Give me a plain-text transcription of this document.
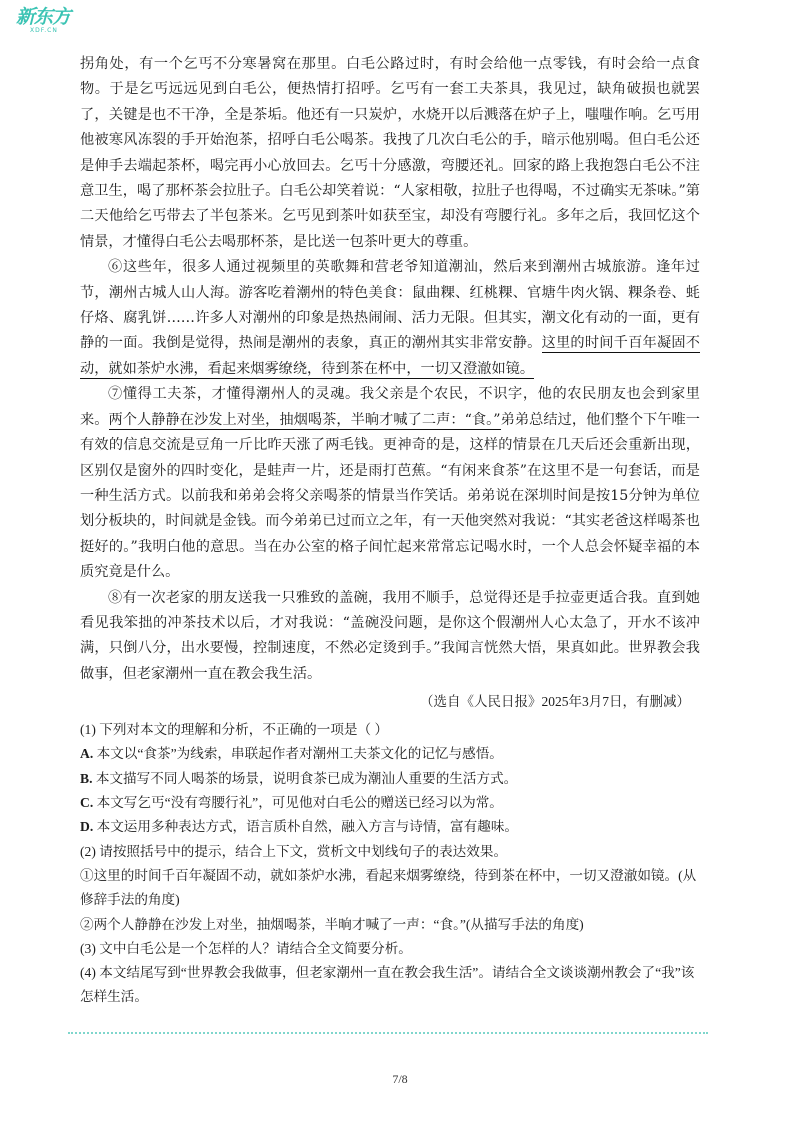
新东方
XDF.CN

拐角处，有一个乞丐不分寒暑窝在那里。白毛公路过时，有时会给他一点零钱，有时会给一点食物。于是乞丐远远见到白毛公，便热情打招呼。乞丐有一套工夫茶具，我见过，缺角破损也就罢了，关键是也不干净，全是茶垢。他还有一只炭炉，水烧开以后溅落在炉子上，嗤嗤作响。乞丐用他被寒风冻裂的手开始泡茶，招呼白毛公喝茶。我拽了几次白毛公的手，暗示他别喝。但白毛公还是伸手去端起茶杯，喝完再小心放回去。乞丐十分感激，弯腰还礼。回家的路上我抱怨白毛公不注意卫生，喝了那杯茶会拉肚子。白毛公却笑着说：“人家相敬，拉肚子也得喝，不过确实无茶味。”第二天他给乞丐带去了半包茶米。乞丐见到茶叶如获至宝，却没有弯腰行礼。多年之后，我回忆这个情景，才懂得白毛公去喝那杯茶，是比送一包茶叶更大的尊重。

⑥这些年，很多人通过视频里的英歌舞和营老爷知道潮汕，然后来到潮州古城旅游。逢年过节，潮州古城人山人海。游客吃着潮州的特色美食：鼠曲粿、红桃粿、官塘牛肉火锅、粿条卷、蚝仔烙、腐乳饼……许多人对潮州的印象是热热闹闹、活力无限。但其实，潮文化有动的一面，更有静的一面。我倒是觉得，热闹是潮州的表象，真正的潮州其实非常安静。这里的时间千百年凝固不动，就如茶炉水沸，看起来烟雾缭绕，待到茶在杯中，一切又澄澈如镜。

⑦懂得工夫茶，才懂得潮州人的灵魂。我父亲是个农民，不识字，他的农民朋友也会到家里来。两个人静静在沙发上对坐，抽烟喝茶，半晌才喊了二声：“食。”弟弟总结过，他们整个下午唯一有效的信息交流是豆角一斤比昨天涨了两毛钱。更神奇的是，这样的情景在几天后还会重新出现，区别仅是窗外的四时变化，是蛙声一片，还是雨打芭蕉。“有闲来食茶”在这里不是一句套话，而是一种生活方式。以前我和弟弟会将父亲喝茶的情景当作笑话。弟弟说在深圳时间是按15分钟为单位划分板块的，时间就是金钱。而今弟弟已过而立之年，有一天他突然对我说：“其实老爸这样喝茶也挺好的。”我明白他的意思。当在办公室的格子间忙起来常常忘记喝水时，一个人总会怀疑幸福的本质究竟是什么。

⑧有一次老家的朋友送我一只雅致的盖碗，我用不顺手，总觉得还是手拉壶更适合我。直到她看见我笨拙的冲茶技术以后，才对我说：“盖碗没问题，是你这个假潮州人心太急了，开水不该冲满，只倒八分，出水要慢，控制速度，不然必定烫到手。”我闻言恍然大悟，果真如此。世界教会我做事，但老家潮州一直在教会我生活。

（选自《人民日报》2025年3月7日，有删减）

(1) 下列对本文的理解和分析，不正确的一项是（ ）

A. 本文以“食茶”为线索，串联起作者对潮州工夫茶文化的记忆与感悟。

B. 本文描写不同人喝茶的场景，说明食茶已成为潮汕人重要的生活方式。

C. 本文写乞丐“没有弯腰行礼”，可见他对白毛公的赠送已经习以为常。

D. 本文运用多种表达方式，语言质朴自然，融入方言与诗情，富有趣味。

(2) 请按照括号中的提示，结合上下文，赏析文中划线句子的表达效果。

①这里的时间千百年凝固不动，就如茶炉水沸，看起来烟雾缭绕，待到茶在杯中，一切又澄澈如镜。(从修辞手法的角度)

②两个人静静在沙发上对坐，抽烟喝茶，半晌才喊了一声：“食。”(从描写手法的角度)

(3) 文中白毛公是一个怎样的人？请结合全文简要分析。

(4) 本文结尾写到“世界教会我做事，但老家潮州一直在教会我生活”。请结合全文谈谈潮州教会了“我”该怎样生活。

7/8
